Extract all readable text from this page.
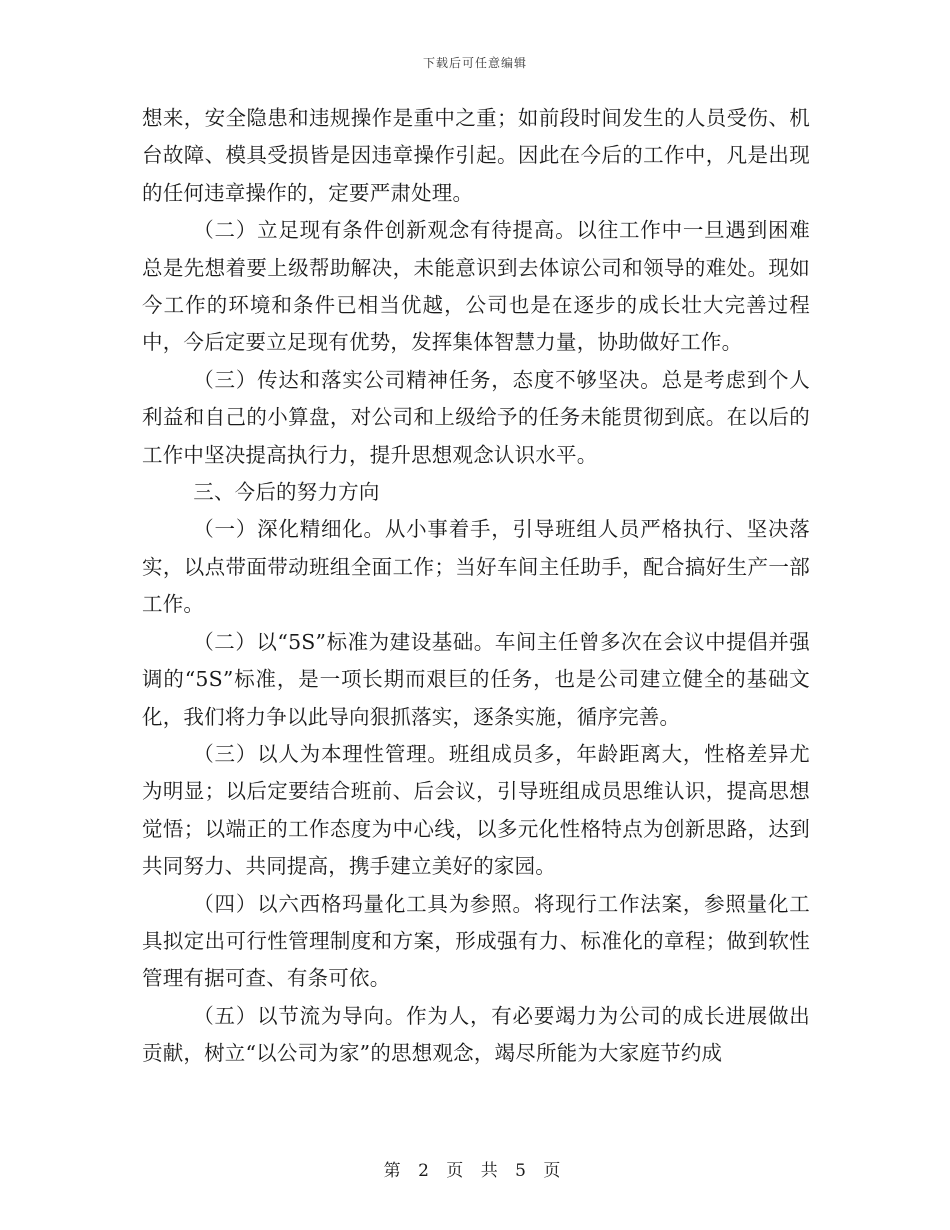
下载后可任意编辑

想来，安全隐患和违规操作是重中之重；如前段时间发生的人员受伤、机台故障、模具受损皆是因违章操作引起。因此在今后的工作中，凡是出现的任何违章操作的，定要严肃处理。

（二）立足现有条件创新观念有待提高。以往工作中一旦遇到困难总是先想着要上级帮助解决，未能意识到去体谅公司和领导的难处。现如今工作的环境和条件已相当优越，公司也是在逐步的成长壮大完善过程中，今后定要立足现有优势，发挥集体智慧力量，协助做好工作。

（三）传达和落实公司精神任务，态度不够坚决。总是考虑到个人利益和自己的小算盘，对公司和上级给予的任务未能贯彻到底。在以后的工作中坚决提高执行力，提升思想观念认识水平。

三、今后的努力方向

（一）深化精细化。从小事着手，引导班组人员严格执行、坚决落实，以点带面带动班组全面工作；当好车间主任助手，配合搞好生产一部工作。

（二）以“5S”标准为建设基础。车间主任曾多次在会议中提倡并强调的“5S”标准，是一项长期而艰巨的任务，也是公司建立健全的基础文化，我们将力争以此导向狠抓落实，逐条实施，循序完善。

（三）以人为本理性管理。班组成员多，年龄距离大，性格差异尤为明显；以后定要结合班前、后会议，引导班组成员思维认识，提高思想觉悟；以端正的工作态度为中心线，以多元化性格特点为创新思路，达到共同努力、共同提高，携手建立美好的家园。

（四）以六西格玛量化工具为参照。将现行工作法案，参照量化工具拟定出可行性管理制度和方案，形成强有力、标准化的章程；做到软性管理有据可查、有条可依。

（五）以节流为导向。作为人，有必要竭力为公司的成长进展做出贡献，树立“以公司为家”的思想观念，竭尽所能为大家庭节约成

第 2 页 共 5 页
